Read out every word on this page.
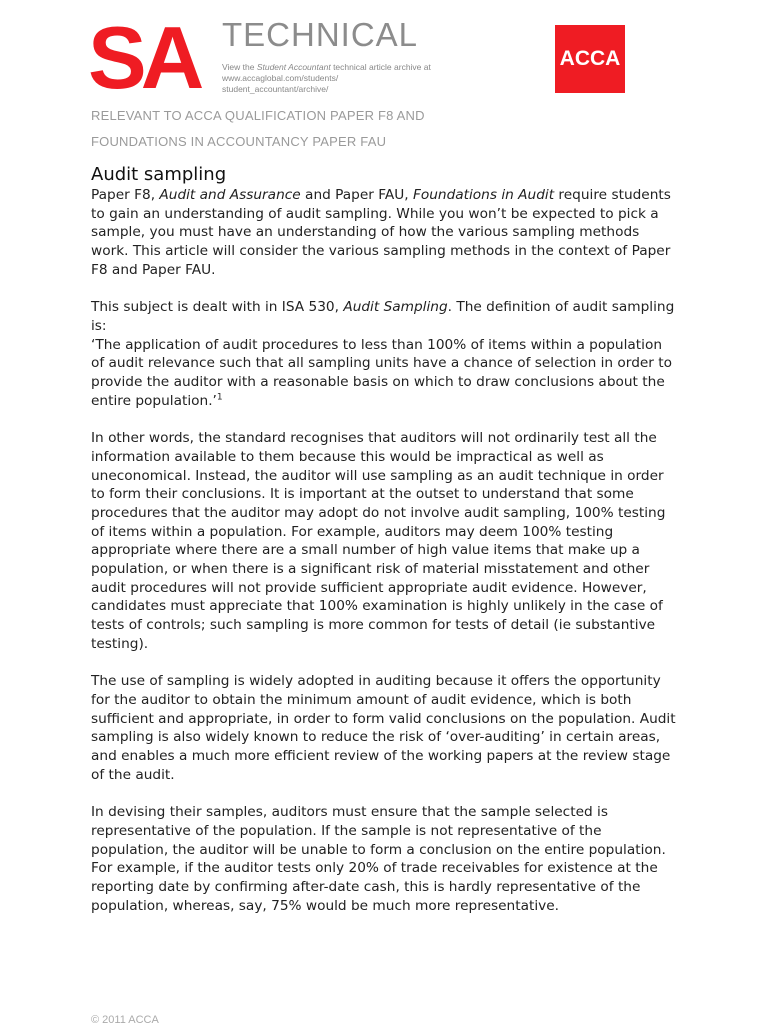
SA TECHNICAL
View the Student Accountant technical article archive at www.accaglobal.com/students/ student_accountant/archive/
ACCA
RELEVANT TO ACCA QUALIFICATION PAPER F8 AND
FOUNDATIONS IN ACCOUNTANCY PAPER FAU
Audit sampling

Paper F8, Audit and Assurance and Paper FAU, Foundations in Audit require students to gain an understanding of audit sampling. While you won’t be expected to pick a sample, you must have an understanding of how the various sampling methods work. This article will consider the various sampling methods in the context of Paper F8 and Paper FAU.

This subject is dealt with in ISA 530, Audit Sampling. The definition of audit sampling is:
‘The application of audit procedures to less than 100% of items within a population of audit relevance such that all sampling units have a chance of selection in order to provide the auditor with a reasonable basis on which to draw conclusions about the entire population.’$^1$

In other words, the standard recognises that auditors will not ordinarily test all the information available to them because this would be impractical as well as uneconomical. Instead, the auditor will use sampling as an audit technique in order to form their conclusions. It is important at the outset to understand that some procedures that the auditor may adopt do not involve audit sampling, 100% testing of items within a population. For example, auditors may deem 100% testing appropriate where there are a small number of high value items that make up a population, or when there is a significant risk of material misstatement and other audit procedures will not provide sufficient appropriate audit evidence. However, candidates must appreciate that 100% examination is highly unlikely in the case of tests of controls; such sampling is more common for tests of detail (ie substantive testing).

The use of sampling is widely adopted in auditing because it offers the opportunity for the auditor to obtain the minimum amount of audit evidence, which is both sufficient and appropriate, in order to form valid conclusions on the population. Audit sampling is also widely known to reduce the risk of ‘over-auditing’ in certain areas, and enables a much more efficient review of the working papers at the review stage of the audit.

In devising their samples, auditors must ensure that the sample selected is representative of the population. If the sample is not representative of the population, the auditor will be unable to form a conclusion on the entire population. For example, if the auditor tests only 20% of trade receivables for existence at the reporting date by confirming after-date cash, this is hardly representative of the population, whereas, say, 75% would be much more representative.

© 2011 ACCA
